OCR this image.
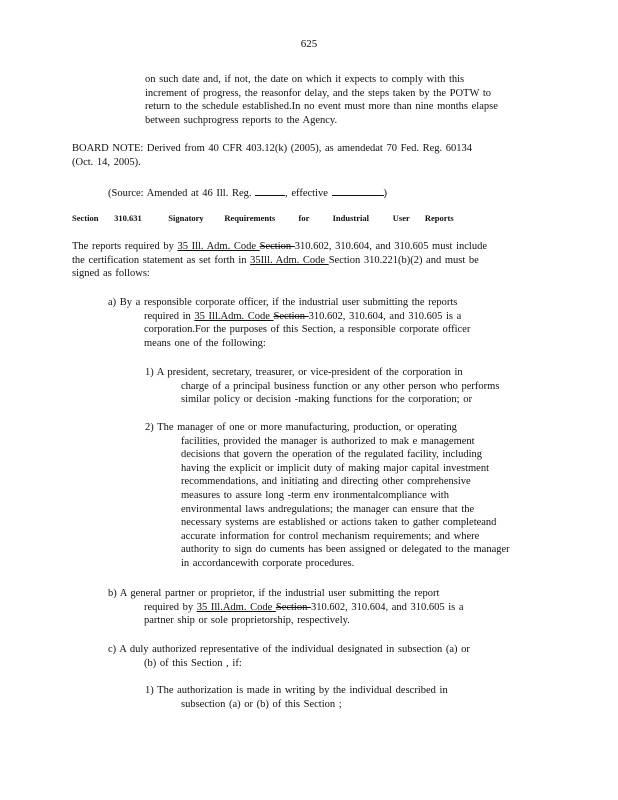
625
on such date and, if not, the date on which it expects to comply with this
increment of progress, the reasonfor delay, and the steps taken by the POTW to
return to the schedule established.In no event must more than nine months elapse
between suchprogress reports to the Agency.
BOARD NOTE: Derived from 40 CFR 403.12(k) (2005), as amendedat 70 Fed. Reg. 60134
(Oct. 14, 2005).
(Source: Amended at 46 Ill. Reg.	, effective	)
Section 310.631	Signatory Requirements	for	Industrial	User Reports
The reports required by 35 Ill. Adm. Code Section 310.602, 310.604, and 310.605 must include
the certification statement as set forth in 35Ill. Adm. Code Section 310.221(b)(2) and must be
signed as follows:
a) By a responsible corporate officer, if the industrial user submitting the reports

required in 35 Ill.Adm. Code Section 310.602, 310.604, and 310.605 is a
corporation.For the purposes of this Section, a responsible corporate officer
means one of the following:
1) A president, secretary, treasurer, or vice-president of the corporation in

charge of a principal business function or any other person who performs
similar policy or decision -making functions for the corporation; or
2) The manager of one or more manufacturing, production, or operating

facilities, provided the manager is authorized to mak e management
decisions that govern the operation of the regulated facility, including
having the explicit or implicit duty of making major capital investment
recommendations, and initiating and directing other comprehensive
measures to assure long -term env ironmentalcompliance with
environmental laws andregulations; the manager can ensure that the
necessary systems are established or actions taken to gather completeand
accurate information for control mechanism requirements; and where
authority to sign do cuments has been assigned or delegated to the manager
in accordancewith corporate procedures.
b) A general partner or proprietor, if the industrial user submitting the report

required by 35 Ill.Adm. Code Section 310.602, 310.604, and 310.605 is a
partner ship or sole proprietorship, respectively.
c) A duly authorized representative of the individual designated in subsection (a) or

(b) of this Section , if:
1) The authorization is made in writing by the individual described in

subsection (a) or (b) of this Section ;
